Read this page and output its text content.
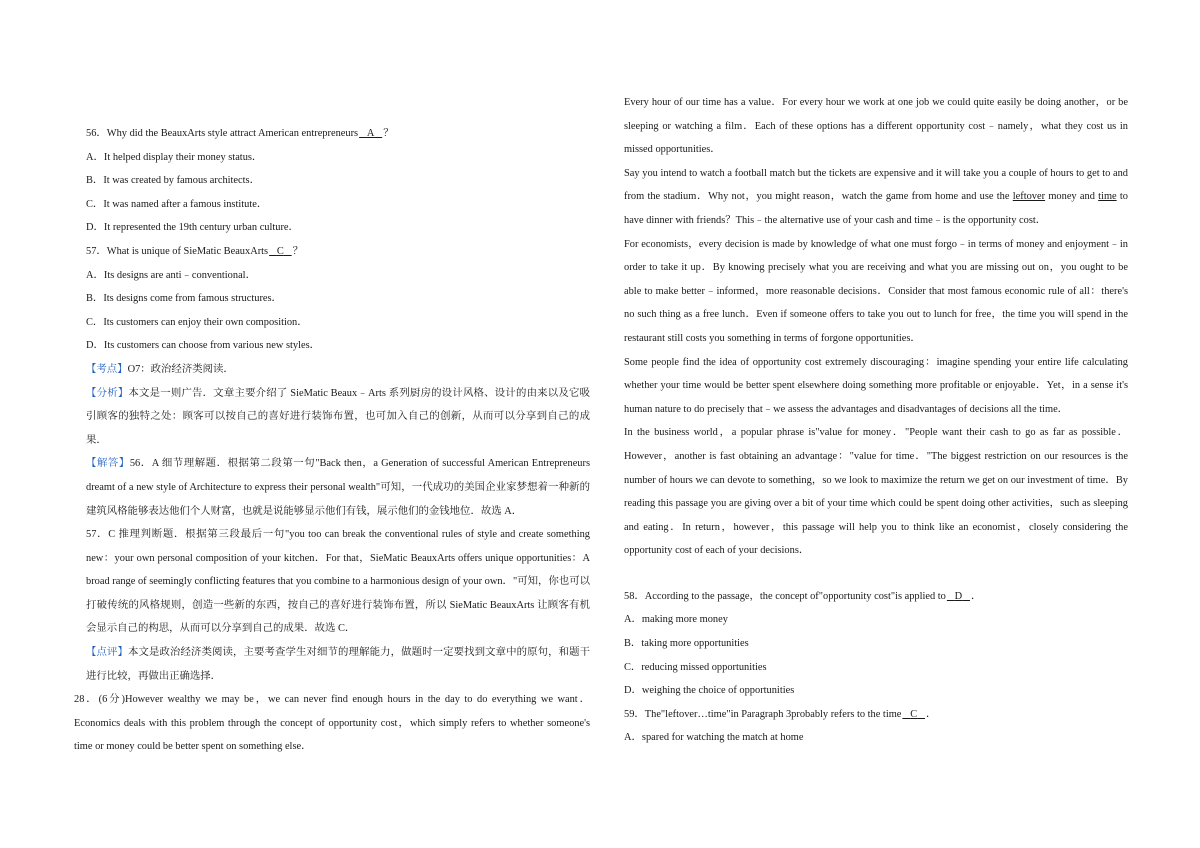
56．Why did the BeauxArts style attract American entrepreneurs A ？

A．It helped display their money status．

B．It was created by famous architects．

C．It was named after a famous institute．

D．It represented the 19th century urban culture．

57．What is unique of SieMatic BeauxArts C ？

A．Its designs are anti﹣conventional．

B．Its designs come from famous structures．

C．Its customers can enjoy their own composition．

D．Its customers can choose from various new styles．

【考点】O7：政治经济类阅读．

【分析】本文是一则广告．文章主要介绍了 SieMatic Beaux﹣Arts 系列厨房的设计风格、设计的由来以及它吸引顾客的独特之处：顾客可以按自己的喜好进行装饰布置，也可加入自己的创新，从而可以分享到自己的成果．

【解答】56．A 细节理解题．根据第二段第一句"Back then，a Generation of successful American Entrepreneurs dreamt of a new style of Architecture to express their personal wealth"可知，一代成功的美国企业家梦想着一种新的建筑风格能够表达他们个人财富，也就是说能够显示他们有钱，展示他们的金钱地位．故选 A．

57．C 推理判断题．根据第三段最后一句"you too can break the conventional rules of style and create something new：your own personal composition of your kitchen．For that，SieMatic BeauxArts offers unique opportunities：A broad range of seemingly conflicting features that you combine to a harmonious design of your own．"可知，你也可以打破传统的风格规则，创造一些新的东西，按自己的喜好进行装饰布置，所以 SieMatic BeauxArts 让顾客有机会显示自己的构思，从而可以分享到自己的成果．故选 C．

【点评】本文是政治经济类阅读，主要考查学生对细节的理解能力，做题时一定要找到文章中的原句，和题干进行比较，再做出正确选择．

28．(6分)However wealthy we may be，we can never find enough hours in the day to do everything we want．Economics deals with this problem through the concept of opportunity cost，which simply refers to whether someone's time or money could be better spent on something else．

Every hour of our time has a value．For every hour we work at one job we could quite easily be doing another，or be sleeping or watching a film．Each of these options has a different opportunity cost﹣namely，what they cost us in missed opportunities．

Say you intend to watch a football match but the tickets are expensive and it will take you a couple of hours to get to and from the stadium．Why not，you might reason，watch the game from home and use the leftover money and time to have dinner with friends？This﹣the alternative use of your cash and time﹣is the opportunity cost．

For economists，every decision is made by knowledge of what one must forgo﹣in terms of money and enjoyment﹣in order to take it up．By knowing precisely what you are receiving and what you are missing out on，you ought to be able to make better﹣informed，more reasonable decisions．Consider that most famous economic rule of all：there's no such thing as a free lunch．Even if someone offers to take you out to lunch for free，the time you will spend in the restaurant still costs you something in terms of forgone opportunities．

Some people find the idea of opportunity cost extremely discouraging：imagine spending your entire life calculating whether your time would be better spent elsewhere doing something more profitable or enjoyable．Yet，in a sense it's human nature to do precisely that﹣we assess the advantages and disadvantages of decisions all the time．

In the business world，a popular phrase is"value for money．"People want their cash to go as far as possible．However，another is fast obtaining an advantage："value for time．"The biggest restriction on our resources is the number of hours we can devote to something，so we look to maximize the return we get on our investment of time．By reading this passage you are giving over a bit of your time which could be spent doing other activities，such as sleeping and eating．In return，however，this passage will help you to think like an economist，closely considering the opportunity cost of each of your decisions．

58．According to the passage，the concept of"opportunity cost"is applied to D ．

A．making more money

B．taking more opportunities

C．reducing missed opportunities

D．weighing the choice of opportunities

59．The"leftover…time"in Paragraph 3probably refers to the time C ．

A．spared for watching the match at home
